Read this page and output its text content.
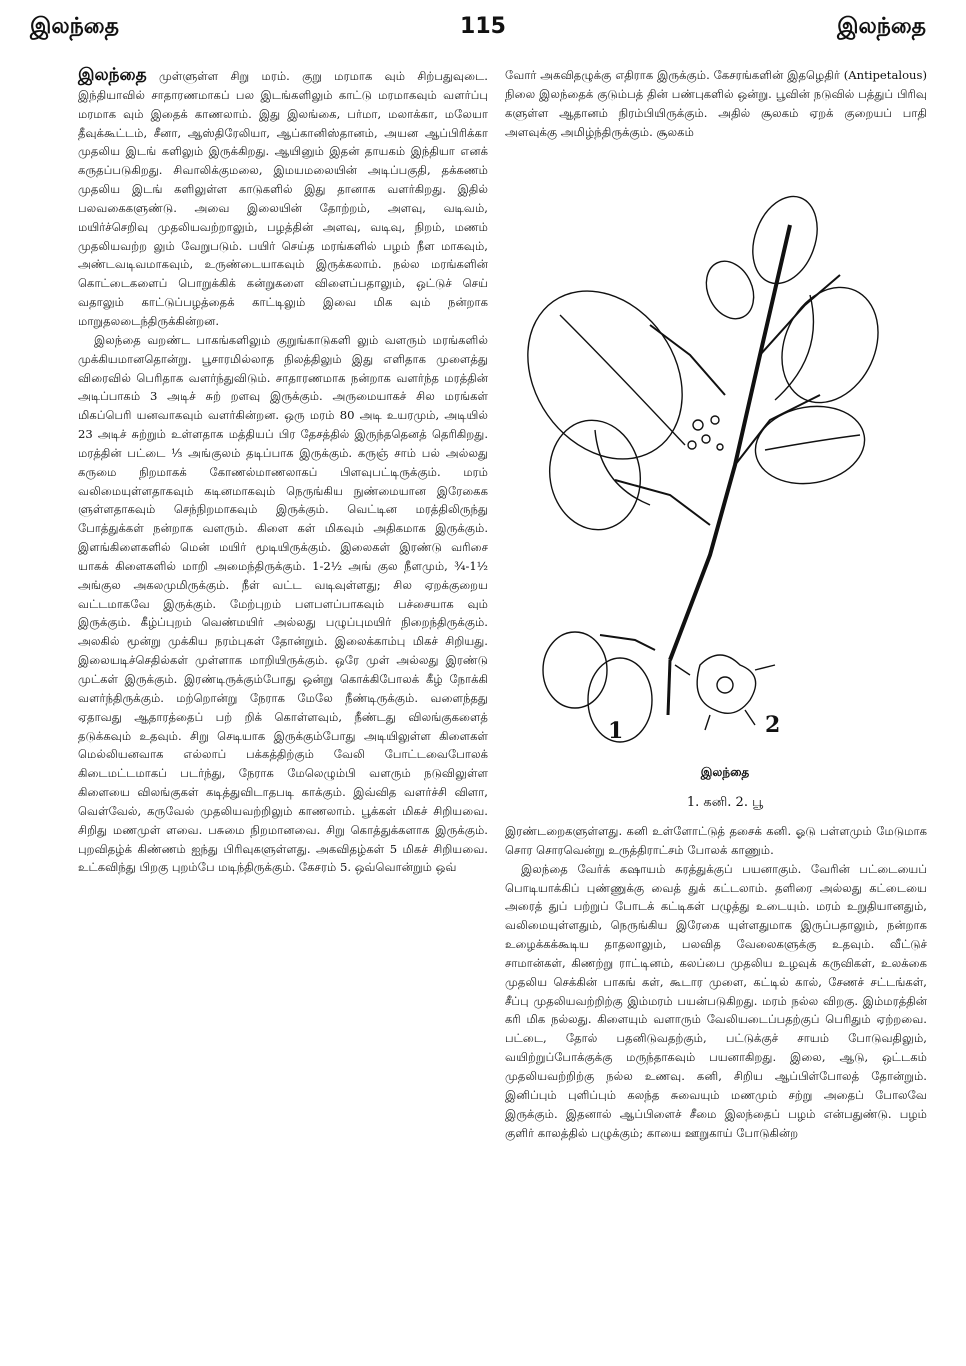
இலந்தை	115	இலந்தை

இலந்தை முள்ளுள்ள சிறு மரம். குறு மரமாக வும் சிற்பதுவுடை. இந்தியாவில் சாதாரணமாகப் பல இடங்களிலும் காட்டு மரமாகவும் வளர்ப்பு மரமாக வும் இதைக் காணலாம். இது இலங்கை, பர்மா, மலாக்கா, மலேயா தீவுக்கூட்டம், சீனா, ஆஸ்திரேலியா, ஆப்கானிஸ்தானம், அயன ஆப்பிரிக்கா முதலிய இடங் களிலும் இருக்கிறது. ஆயினும் இதன் தாயகம் இந்தியா எனக் கருதப்படுகிறது. சிவாலிக்குமலை, இமயமலையின் அடிப்பகுதி, தக்கணம் முதலிய இடங் களிலுள்ள காடுகளில் இது தானாக வளர்கிறது. இதில் பலவகைகளுண்டு. அவை இலையின் தோற்றம், அளவு, வடிவம், மயிர்ச்செறிவு முதலியவற்றாலும், பழத்தின் அளவு, வடிவு, நிறம், மணம் முதலியவற்ற லும் வேறுபடும். பயிர் செய்த மரங்களில் பழம் நீள மாகவும், அண்டவடிவமாகவும், உருண்டையாகவும் இருக்கலாம். நல்ல மரங்களின் கொட்டைகளைப் பொறுக்கிக் கன்றுகளை விளைப்பதாலும், ஒட்டுச் செய் வதாலும் காட்டுப்பழத்தைக் காட்டிலும் இவை மிக வும் நன்றாக மாறுதலடைந்திருக்கின்றன.

இலந்தை வறண்ட பாகங்களிலும் குறுங்காடுகளி லும் வளரும் மரங்களில் முக்கியமானதொன்று. பூசாரமில்லாத நிலத்திலும் இது எளிதாக முளைத்து விரைவில் பெரிதாக வளர்ந்துவிடும். சாதாரணமாக நன்றாக வளர்ந்த மரத்தின் அடிப்பாகம் 3 அடிச் சுற் றளவு இருக்கும். அருமையாகச் சில மரங்கள் மிகப்பெரி யனவாகவும் வளர்கின்றன. ஒரு மரம் 80 அடி உயரமும், அடியில் 23 அடிச் சுற்றும் உள்ளதாக மத்தியப் பிர தேசத்தில் இருந்ததெனத் தெரிகிறது. மரத்தின் பட்டை ⅓ அங்குலம் தடிப்பாக இருக்கும். கருஞ் சாம் பல் அல்லது கருமை நிறமாகக் கோணல்மாணலாகப் பிளவுபட்டிருக்கும். மரம் வலிமையுள்ளதாகவும் கடினமாகவும் நெருங்கிய நுண்மையான இரேகைக ளுள்ளதாகவும் செந்நிறமாகவும் இருக்கும். வெட்டின மரத்திலிருந்து போத்துக்கள் நன்றாக வளரும். கிளை கள் மிகவும் அதிகமாக இருக்கும். இளங்கிளைகளில் மென் மயிர் மூடியிருக்கும். இலைகள் இரண்டு வரிசை யாகக் கிளைகளில் மாறி அமைந்திருக்கும். 1-2½ அங் குல நீளமும், ¾-1½ அங்குல அகலமுமிருக்கும். நீள் வட்ட வடிவுள்ளது; சில ஏறக்குறைய வட்டமாகவே இருக்கும். மேற்புறம் பளபளப்பாகவும் பச்சையாக வும் இருக்கும். கீழ்ப்புறம் வெண்மயிர் அல்லது பழுப்புமயிர் நிறைந்திருக்கும். அலகில் மூன்று முக்கிய நரம்புகள் தோன்றும். இலைக்காம்பு மிகச் சிறியது. இலையடிச்செதில்கள் முள்ளாக மாறியிருக்கும். ஒரே முள் அல்லது இரண்டு முட்கள் இருக்கும். இரண்டிருக்கும்போது ஒன்று கொக்கிபோலக் கீழ் நோக்கி வளர்ந்திருக்கும். மற்றொன்று நேராக மேலே நீண்டிருக்கும். வளைந்தது ஏதாவது ஆதாரத்தைப் பற் றிக் கொள்ளவும், நீண்டது விலங்குகளைத் தடுக்கவும் உதவும். சிறு செடியாக இருக்கும்போது அடியிலுள்ள கிளைகள் மெல்லியனவாக எல்லாப் பக்கத்திற்கும் வேலி போட்டவைபோலக் கிடைமட்டமாகப் படர்ந்து, நேராக மேலெழும்பி வளரும் நடுவிலுள்ள கிளையை விலங்குகள் கடித்துவிடாதபடி காக்கும். இவ்வித வளர்ச்சி விளா, வெள்வேல், கருவேல் முதலியவற்றிலும் காணலாம். பூக்கள் மிகச் சிறியவை. சிறிது மணமுள் ளவை. பசுமை நிறமானவை. சிறு கொத்துக்களாக இருக்கும். புறவிதழ்க் கிண்ணம் ஐந்து பிரிவுகளுள்ளது. அகவிதழ்கள் 5 மிகச் சிறியவை. உட்கவிந்து பிறகு புறம்பே மடிந்திருக்கும். கேசரம் 5. ஒவ்வொன்றும் ஒவ்

வோர் அகவிதழுக்கு எதிராக இருக்கும். கேசரங்களின் இதழெதிர் (Antipetalous) நிலை இலந்தைக் குடும்பத் தின் பண்புகளில் ஒன்று. பூவின் நடுவில் பத்துப் பிரிவு களுள்ள ஆதானம் நிரம்பியிருக்கும். அதில் சூலகம் ஏறக் குறையப் பாதி அளவுக்கு அமிழ்ந்திருக்கும். சூலகம்

1	2
இலந்தை
1. கனி. 2. பூ

இரண்டறைகளுள்ளது. கனி உள்ளோட்டுத் தசைக் கனி. ஓடு பள்ளமும் மேடுமாக சொர சொரவென்று உருத்திராட்சம் போலக் காணும்.

இலந்தை வேர்க் கஷாயம் சுரத்துக்குப் பயனாகும். வேரின் பட்டையைப் பொடியாக்கிப் புண்ணுக்கு வைத் துக் கட்டலாம். தளிரை அல்லது கட்டையை அரைத் துப் பற்றுப் போடக் கட்டிகள் பழுத்து உடையும். மரம் உறுதியானதும், வலிமையுள்ளதும், நெருங்கிய இரேகை யுள்ளதுமாக இருப்பதாலும், நன்றாக உழைக்கக்கூடிய தாதலாலும், பலவித வேலைகளுக்கு உதவும். வீட்டுச் சாமான்கள், கிணற்று ராட்டினம், கலப்பை முதலிய உழவுக் கருவிகள், உலக்கை முதலிய செக்கின் பாகங் கள், கூடார முளை, கட்டில் கால், சேணச் சட்டங்கள், சீப்பு முதலியவற்றிற்கு இம்மரம் பயன்படுகிறது. மரம் நல்ல விறகு. இம்மரத்தின் கரி மிக நல்லது. கிளையும் வளாரும் வேலியடைப்பதற்குப் பெரிதும் ஏற்றவை. பட்டை, தோல் பதனிடுவதற்கும், பட்டுக்குச் சாயம் போடுவதிலும், வயிற்றுப்போக்குக்கு மருந்தாகவும் பயனாகிறது. இலை, ஆடு, ஒட்டகம் முதலியவற்றிற்கு நல்ல உணவு. கனி, சிறிய ஆப்பிள்போலத் தோன்றும். இனிப்பும் புளிப்பும் கலந்த சுவையும் மணமும் சற்று அதைப் போலவே இருக்கும். இதனால் ஆப்பிளைச் சீமை இலந்தைப் பழம் என்பதுண்டு. பழம் குளிர் காலத்தில் பழுக்கும்; காயை ஊறுகாய் போடுகின்ற
